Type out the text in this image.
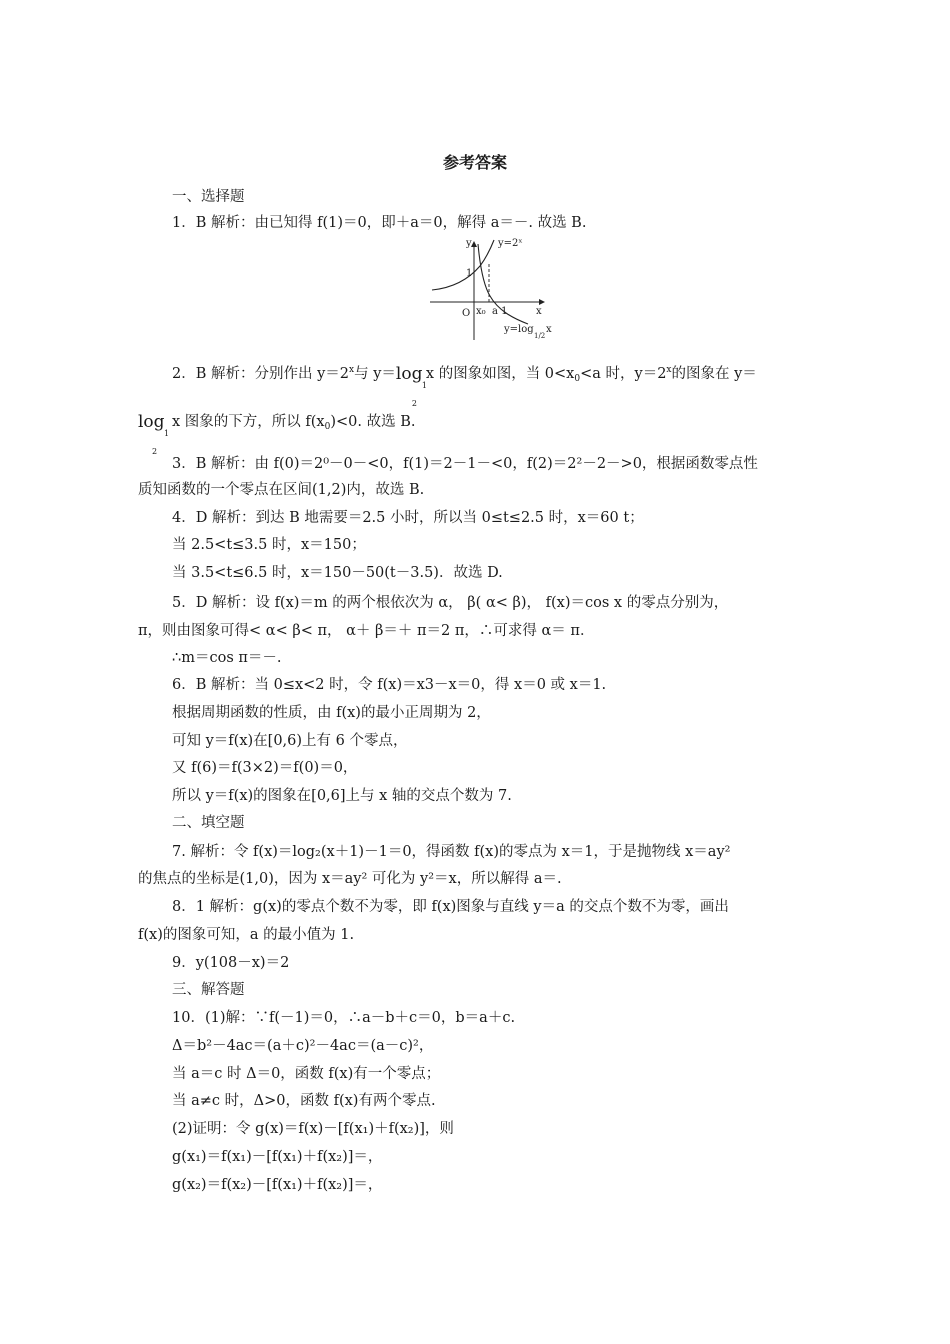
参考答案
一、选择题
1．B 解析：由已知得 f(1)＝0，即＋a＝0，解得 a＝－. 故选 B.
y
x
O
1
x₀ a 1
y=2ˣ
y=log
1/2
x
2．B 解析：分别作出 $y=2^x$与 y＝ log
1
2
x 的图象如图，当 $0<x_0<a$ 时，$y=2^x$的图象在 y＝
log
1
2
x 图象的下方，所以 $f(x_0)<0$. 故选 B.
3．B 解析：由 f(0)＝2⁰－0－<0，f(1)＝2－1－<0，f(2)＝2²－2－>0，根据函数零点性
质知函数的一个零点在区间(1,2)内，故选 B.
4．D 解析：到达 B 地需要＝2.5 小时，所以当 0≤t≤2.5 时，x＝60 t；
当 2.5<t≤3.5 时，x＝150；
当 3.5<t≤6.5 时，x＝150－50(t－3.5)．故选 D.
5．D 解析：设 f(x)＝m 的两个根依次为 α， β( α< β)， f(x)＝cos x 的零点分别为，
π，则由图象可得< α< β< π， α＋ β＝＋ π＝2 π，∴可求得 α＝ π．
∴m＝cos π＝－.
6．B 解析：当 0≤x<2 时，令 f(x)＝x3－x＝0，得 x＝0 或 x＝1.
根据周期函数的性质，由 f(x)的最小正周期为 2，
可知 y＝f(x)在[0,6)上有 6 个零点，
又 f(6)＝f(3×2)＝f(0)＝0，
所以 y＝f(x)的图象在[0,6]上与 x 轴的交点个数为 7.
二、填空题
7. 解析：令 f(x)＝log₂(x＋1)－1＝0，得函数 f(x)的零点为 x＝1，于是抛物线 x＝ay²
的焦点的坐标是(1,0)，因为 x＝ay² 可化为 y²＝x，所以解得 a＝.
8．1 解析：g(x)的零点个数不为零，即 f(x)图象与直线 y＝a 的交点个数不为零，画出
f(x)的图象可知，a 的最小值为 1.
9．y(108－x)＝2
三、解答题
10．(1)解：∵f(－1)＝0，∴a－b＋c＝0，b＝a＋c.
Δ＝b²－4ac＝(a＋c)²－4ac＝(a－c)²，
当 a＝c 时 Δ＝0，函数 f(x)有一个零点；
当 a≠c 时，Δ>0，函数 f(x)有两个零点.
(2)证明：令 g(x)＝f(x)－[f(x₁)＋f(x₂)]，则
g(x₁)＝f(x₁)－[f(x₁)＋f(x₂)]＝，
g(x₂)＝f(x₂)－[f(x₁)＋f(x₂)]＝，
